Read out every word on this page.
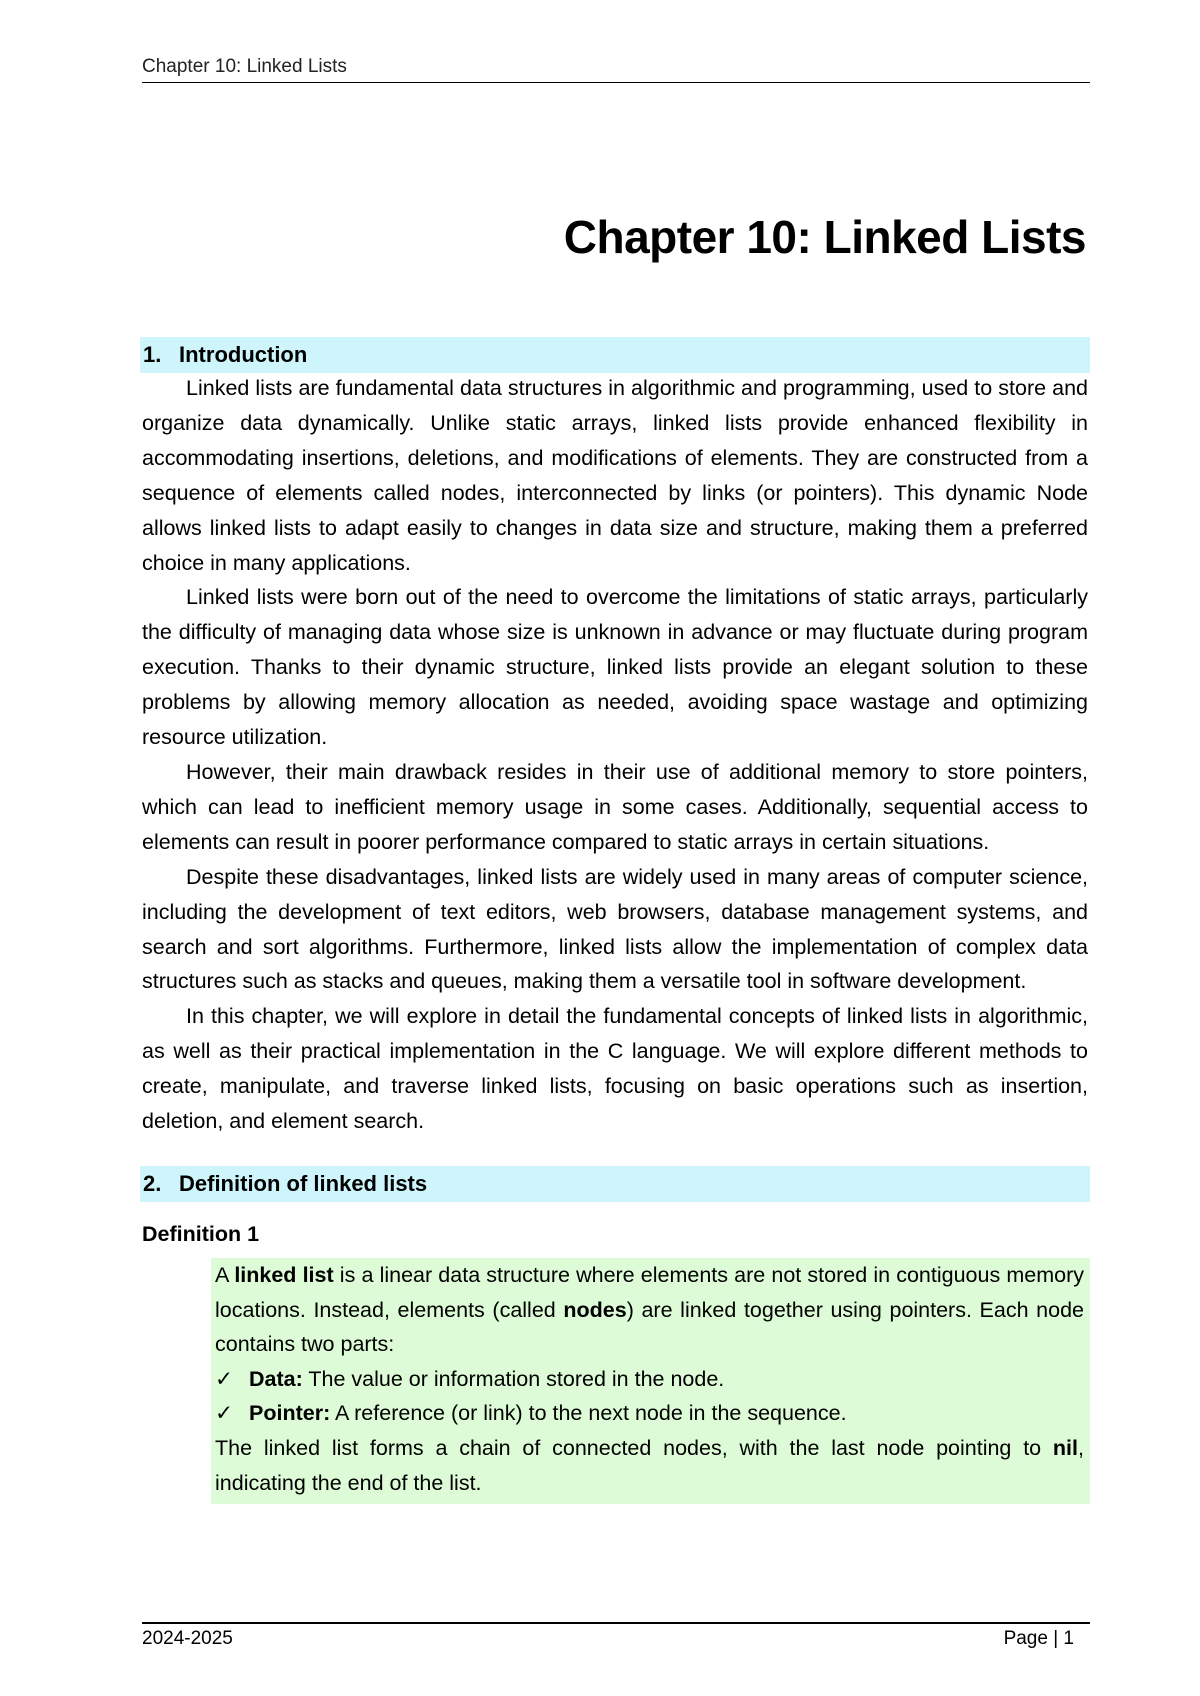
Chapter 10: Linked Lists
Chapter 10: Linked Lists
1. Introduction

Linked lists are fundamental data structures in algorithmic and programming, used to store and organize data dynamically. Unlike static arrays, linked lists provide enhanced flexibility in accommodating insertions, deletions, and modifications of elements. They are constructed from a sequence of elements called nodes, interconnected by links (or pointers). This dynamic Node allows linked lists to adapt easily to changes in data size and structure, making them a preferred choice in many applications.

Linked lists were born out of the need to overcome the limitations of static arrays, particularly the difficulty of managing data whose size is unknown in advance or may fluctuate during program execution. Thanks to their dynamic structure, linked lists provide an elegant solution to these problems by allowing memory allocation as needed, avoiding space wastage and optimizing resource utilization.

However, their main drawback resides in their use of additional memory to store pointers, which can lead to inefficient memory usage in some cases. Additionally, sequential access to elements can result in poorer performance compared to static arrays in certain situations.

Despite these disadvantages, linked lists are widely used in many areas of computer science, including the development of text editors, web browsers, database management systems, and search and sort algorithms. Furthermore, linked lists allow the implementation of complex data structures such as stacks and queues, making them a versatile tool in software development.

In this chapter, we will explore in detail the fundamental concepts of linked lists in algorithmic, as well as their practical implementation in the C language. We will explore different methods to create, manipulate, and traverse linked lists, focusing on basic operations such as insertion, deletion, and element search.

2. Definition of linked lists
Definition 1

A linked list is a linear data structure where elements are not stored in contiguous memory locations. Instead, elements (called nodes) are linked together using pointers. Each node contains two parts:

✓ Data: The value or information stored in the node.
✓ Pointer: A reference (or link) to the next node in the sequence.

The linked list forms a chain of connected nodes, with the last node pointing to nil, indicating the end of the list.

2024-2025	Page | 1
